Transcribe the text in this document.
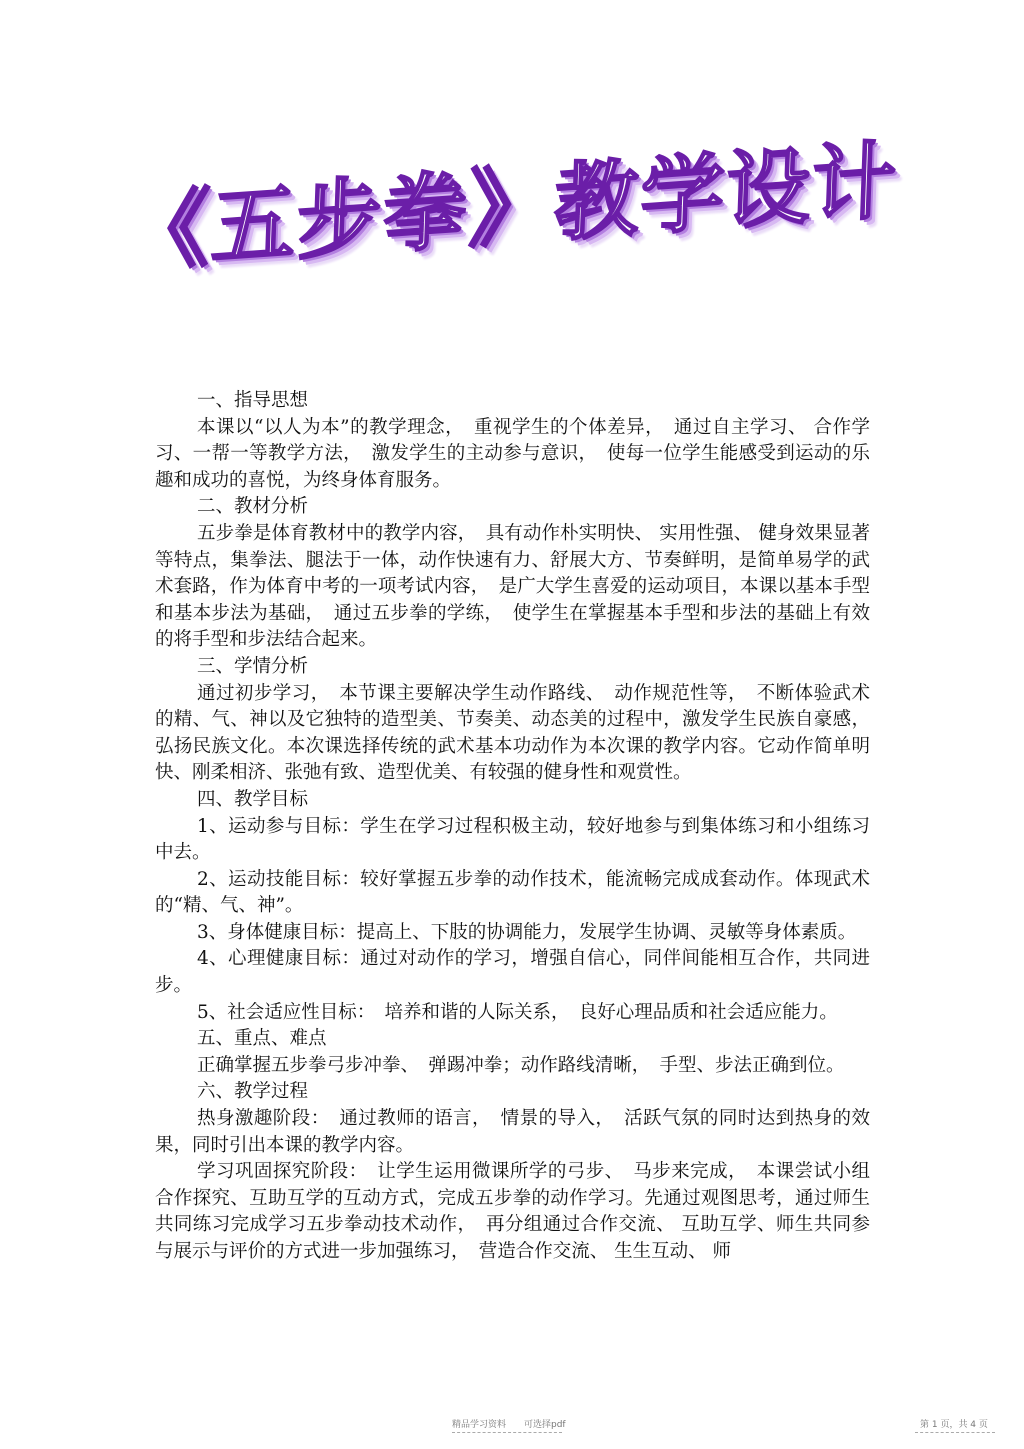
《五步拳》教学设计

一、指导思想

本课以“以人为本”的教学理念，　重视学生的个体差异，　通过自主学习、 合作学习、一帮一等教学方法，　激发学生的主动参与意识，　使每一位学生能感受到运动的乐趣和成功的喜悦，为终身体育服务。

二、教材分析

五步拳是体育教材中的教学内容，　具有动作朴实明快、 实用性强、 健身效果显著等特点，集拳法、腿法于一体，动作快速有力、舒展大方、节奏鲜明，是简单易学的武术套路，作为体育中考的一项考试内容，　是广大学生喜爱的运动项目，本课以基本手型和基本步法为基础，　通过五步拳的学练，　使学生在掌握基本手型和步法的基础上有效的将手型和步法结合起来。

三、学情分析

通过初步学习，　本节课主要解决学生动作路线、　动作规范性等，　不断体验武术的精、气、神以及它独特的造型美、节奏美、动态美的过程中，激发学生民族自豪感，弘扬民族文化。本次课选择传统的武术基本功动作为本次课的教学内容。它动作简单明快、刚柔相济、张弛有致、造型优美、有较强的健身性和观赏性。

四、教学目标

1、运动参与目标：学生在学习过程积极主动，较好地参与到集体练习和小组练习中去。

2、运动技能目标：较好掌握五步拳的动作技术，能流畅完成成套动作。体现武术的“精、气、神”。

3、身体健康目标：提高上、下肢的协调能力，发展学生协调、灵敏等身体素质。

4、心理健康目标：通过对动作的学习，增强自信心，同伴间能相互合作，共同进步。

5、社会适应性目标：　培养和谐的人际关系，　良好心理品质和社会适应能力。

五、重点、难点

正确掌握五步拳弓步冲拳、　弹踢冲拳；动作路线清晰，　手型、步法正确到位。

六、教学过程

热身激趣阶段：　通过教师的语言，　情景的导入，　活跃气氛的同时达到热身的效果，同时引出本课的教学内容。

学习巩固探究阶段：　让学生运用微课所学的弓步、　马步来完成，　本课尝试小组合作探究、互助互学的互动方式，完成五步拳的动作学习。先通过观图思考，通过师生共同练习完成学习五步拳动技术动作，　再分组通过合作交流、 互助互学、师生共同参与展示与评价的方式进一步加强练习，　营造合作交流、 生生互动、 师

精品学习资料　　可选择pdf	第 1 页，共 4 页
